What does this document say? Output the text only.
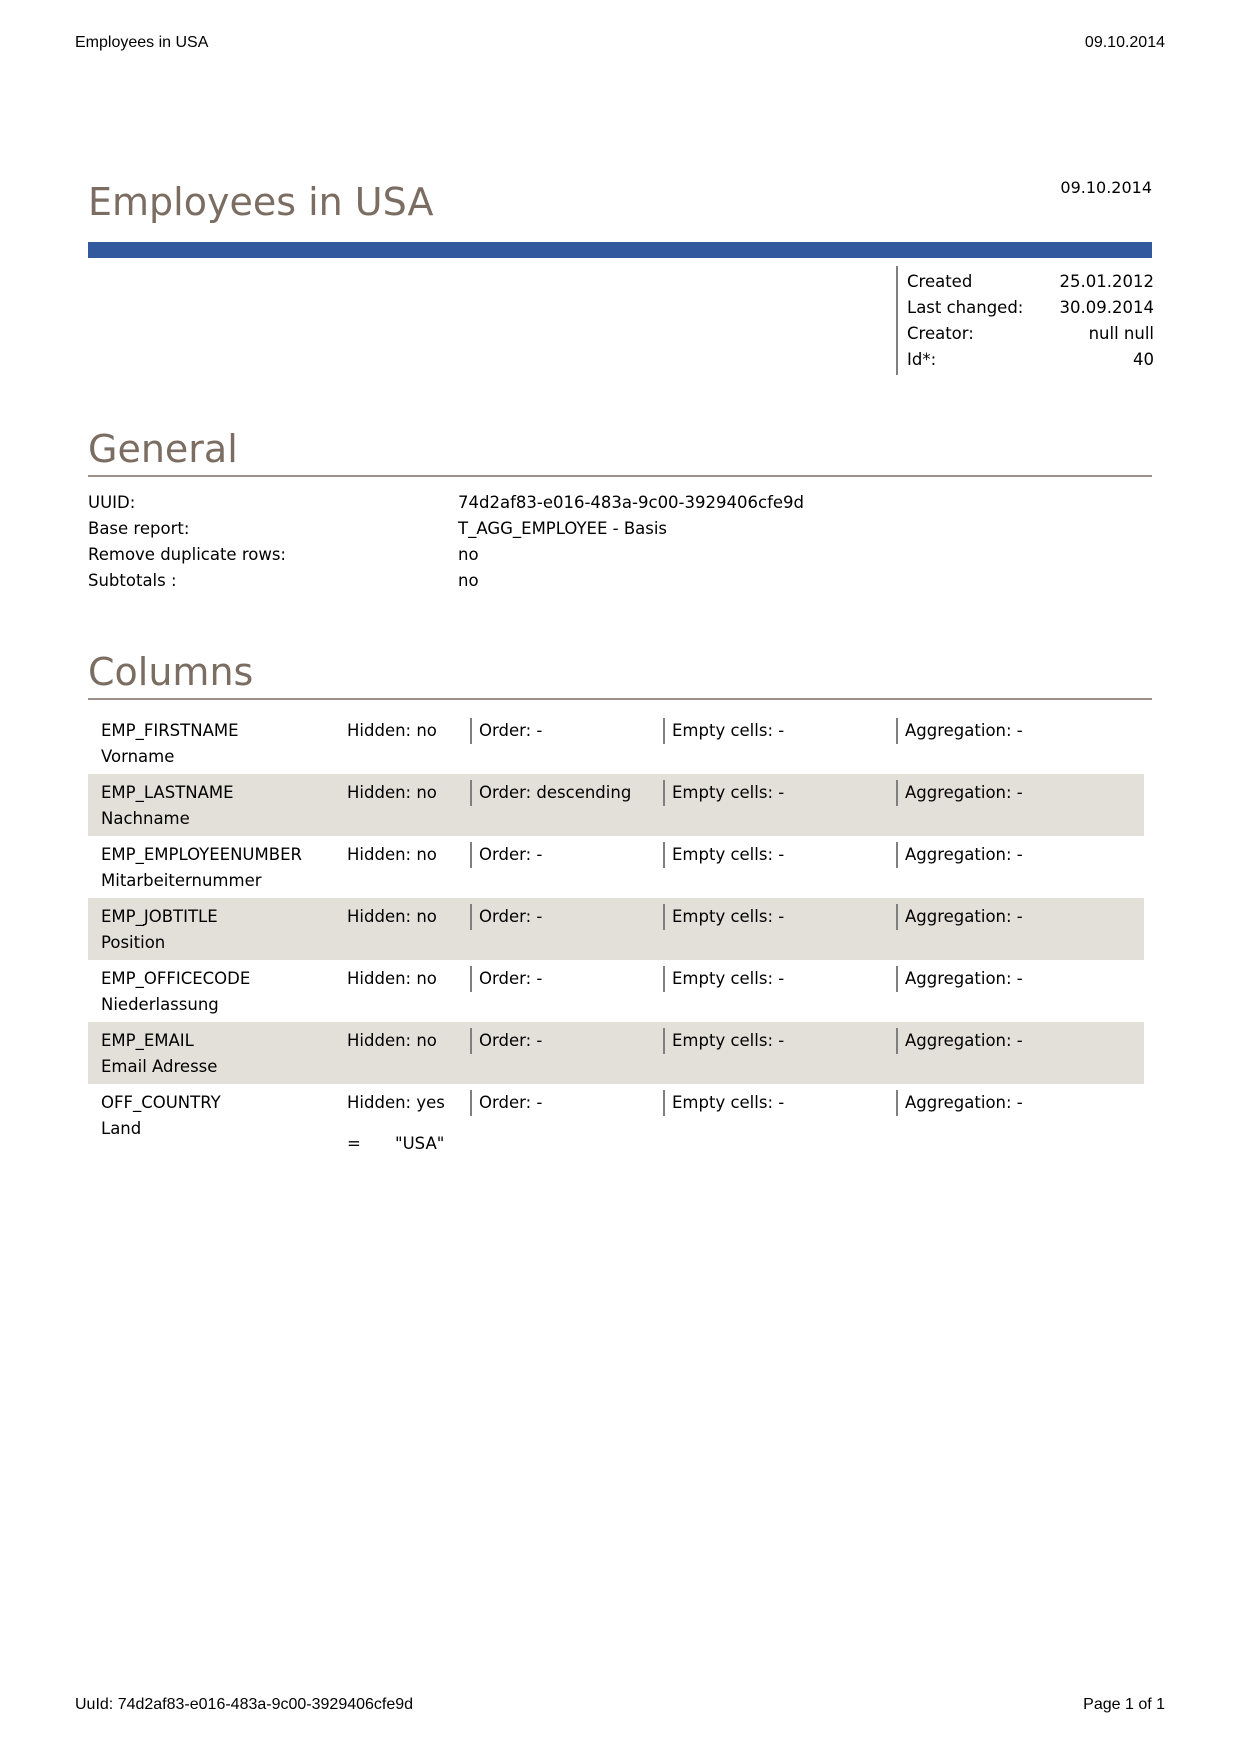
Employees in USA	09.10.2014
Employees in USA	09.10.2014
Created	25.01.2012
Last changed: 30.09.2014
Creator:	null null
Id*:	40
General
UUID:	74d2af83-e016-483a-9c00-3929406cfe9d
Base report:	T_AGG_EMPLOYEE - Basis
Remove duplicate rows:	no
Subtotals :	no
Columns
EMP_FIRSTNAME
Vorname
Hidden: no	Order: -	Empty cells: -	Aggregation: -
EMP_LASTNAME
Nachname
Hidden: no	Order: descending	Empty cells: -	Aggregation: -
EMP_EMPLOYEENUMBER
Mitarbeiternummer
Hidden: no	Order: -	Empty cells: -	Aggregation: -
EMP_JOBTITLE
Position
Hidden: no	Order: -	Empty cells: -	Aggregation: -
EMP_OFFICECODE
Niederlassung
Hidden: no	Order: -	Empty cells: -	Aggregation: -
EMP_EMAIL
Email Adresse
Hidden: no	Order: -	Empty cells: -	Aggregation: -
OFF_COUNTRY
Land
Hidden: yes	Order: -	Empty cells: -	Aggregation: -
= "USA"
UuId: 74d2af83-e016-483a-9c00-3929406cfe9d	Page 1 of 1
